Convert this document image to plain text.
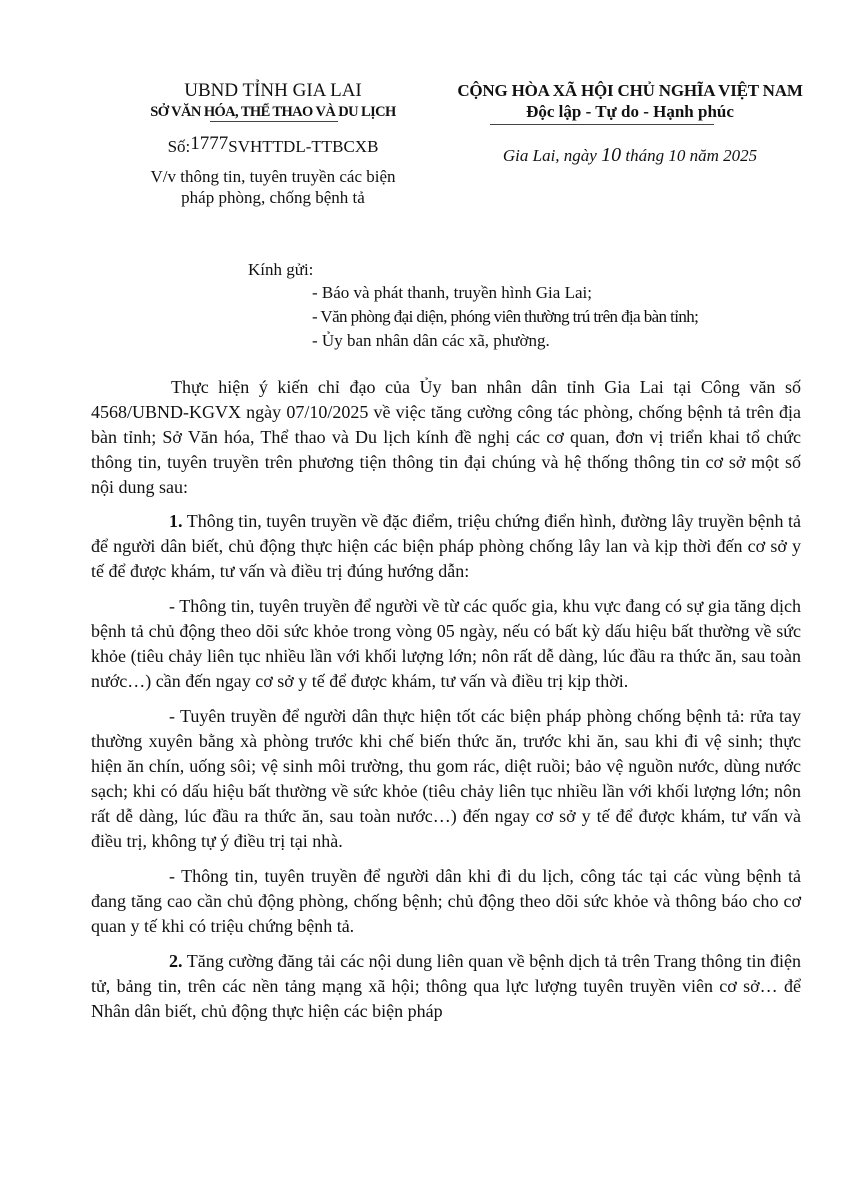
UBND TỈNH GIA LAI
SỞ VĂN HÓA, THỂ THAO VÀ DU LỊCH
Số:1777SVHTTDL-TTBCXB
V/v thông tin, tuyên truyền các biện
pháp phòng, chống bệnh tả
CỘNG HÒA XÃ HỘI CHỦ NGHĨA VIỆT NAM
Độc lập - Tự do - Hạnh phúc
Gia Lai, ngày 10 tháng 10 năm 2025
Kính gửi:
- Báo và phát thanh, truyền hình Gia Lai;
- Văn phòng đại diện, phóng viên thường trú trên địa bàn tỉnh;
- Ủy ban nhân dân các xã, phường.

Thực hiện ý kiến chỉ đạo của Ủy ban nhân dân tỉnh Gia Lai tại Công văn số 4568/UBND-KGVX ngày 07/10/2025 về việc tăng cường công tác phòng, chống bệnh tả trên địa bàn tỉnh; Sở Văn hóa, Thể thao và Du lịch kính đề nghị các cơ quan, đơn vị triển khai tổ chức thông tin, tuyên truyền trên phương tiện thông tin đại chúng và hệ thống thông tin cơ sở một số nội dung sau:

1. Thông tin, tuyên truyền về đặc điểm, triệu chứng điển hình, đường lây truyền bệnh tả để người dân biết, chủ động thực hiện các biện pháp phòng chống lây lan và kịp thời đến cơ sở y tế để được khám, tư vấn và điều trị đúng hướng dẫn:

- Thông tin, tuyên truyền để người về từ các quốc gia, khu vực đang có sự gia tăng dịch bệnh tả chủ động theo dõi sức khỏe trong vòng 05 ngày, nếu có bất kỳ dấu hiệu bất thường về sức khỏe (tiêu chảy liên tục nhiều lần với khối lượng lớn; nôn rất dễ dàng, lúc đầu ra thức ăn, sau toàn nước…) cần đến ngay cơ sở y tế để được khám, tư vấn và điều trị kịp thời.

- Tuyên truyền để người dân thực hiện tốt các biện pháp phòng chống bệnh tả: rửa tay thường xuyên bằng xà phòng trước khi chế biến thức ăn, trước khi ăn, sau khi đi vệ sinh; thực hiện ăn chín, uống sôi; vệ sinh môi trường, thu gom rác, diệt ruồi; bảo vệ nguồn nước, dùng nước sạch; khi có dấu hiệu bất thường về sức khỏe (tiêu chảy liên tục nhiều lần với khối lượng lớn; nôn rất dễ dàng, lúc đầu ra thức ăn, sau toàn nước…) đến ngay cơ sở y tế để được khám, tư vấn và điều trị, không tự ý điều trị tại nhà.

- Thông tin, tuyên truyền để người dân khi đi du lịch, công tác tại các vùng bệnh tả đang tăng cao cần chủ động phòng, chống bệnh; chủ động theo dõi sức khỏe và thông báo cho cơ quan y tế khi có triệu chứng bệnh tả.

2. Tăng cường đăng tải các nội dung liên quan về bệnh dịch tả trên Trang thông tin điện tử, bảng tin, trên các nền tảng mạng xã hội; thông qua lực lượng tuyên truyền viên cơ sở… để Nhân dân biết, chủ động thực hiện các biện pháp
